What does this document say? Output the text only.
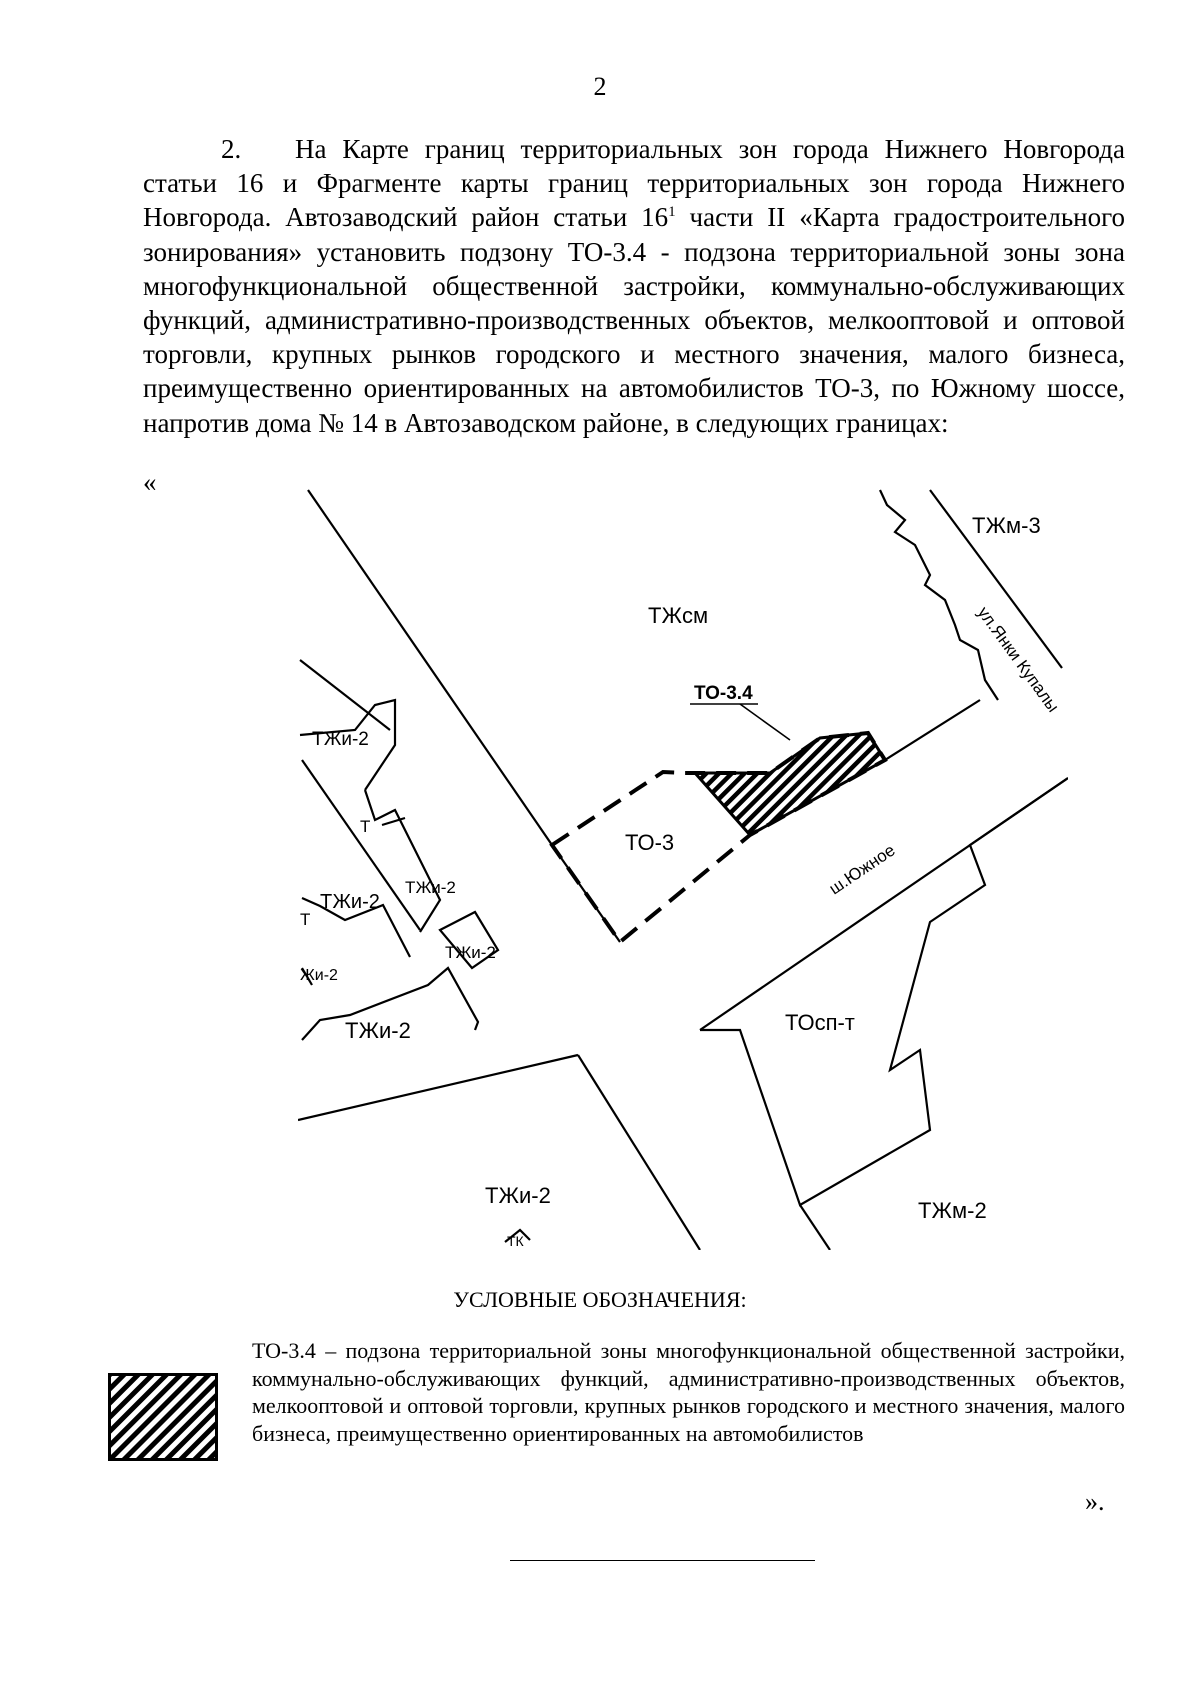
2
2. На Карте границ территориальных зон города Нижнего Новгорода статьи 16 и Фрагменте карты границ территориальных зон города Нижнего Новгорода. Автозаводский район статьи $16^1$ части II «Карта градостроительного зонирования» установить подзону ТО-3.4 - подзона территориальной зоны зона многофункциональной общественной застройки, коммунально-обслуживающих функций, административно-производственных объектов, мелкооптовой и оптовой торговли, крупных рынков городского и местного значения, малого бизнеса, преимущественно ориентированных на автомобилистов ТО-3, по Южному шоссе, напротив дома № 14 в Автозаводском районе, в следующих границах:
«
ТЖсм
ТЖм-3
ТО-3.4
ТО-3
ТЖи-2
ТЖи-2
ТЖи-2
ТЖи-2
ТЖи-2
ТЖи-2
Жи-2
Т
Т
ТК
ТОсп-т
ТЖм-2
ул.Янки Купалы
ш.Южное
УСЛОВНЫЕ ОБОЗНАЧЕНИЯ:
ТО-3.4 – подзона территориальной зоны многофункциональной общественной застройки, коммунально-обслуживающих функций, административно-производственных объектов, мелкооптовой и оптовой торговли, крупных рынков городского и местного значения, малого бизнеса, преимущественно ориентированных на автомобилистов
».
